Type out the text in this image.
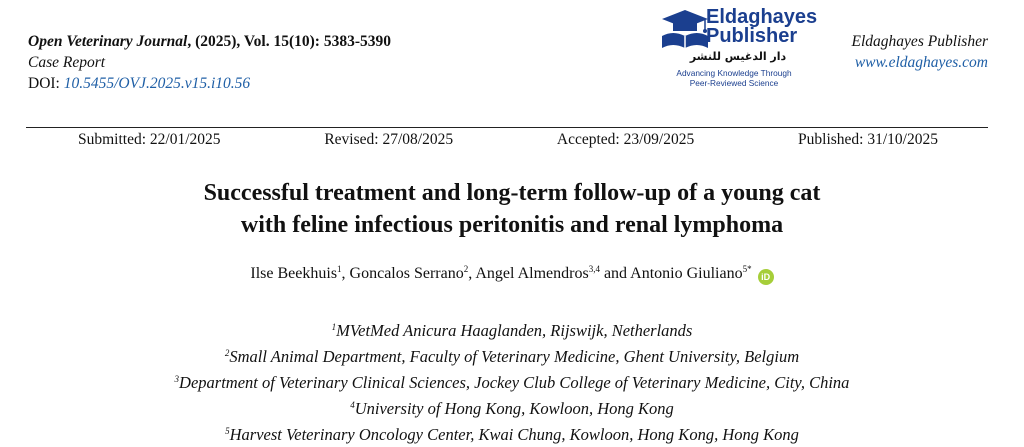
Open Veterinary Journal, (2025), Vol. 15(10): 5383-5390
Case Report
DOI: 10.5455/OVJ.2025.v15.i10.56
Eldaghayes
Publisher
دار الدغيس للنشر
Advancing Knowledge Through
Peer-Reviewed Science
Eldaghayes Publisher
www.eldaghayes.com
Submitted: 22/01/2025	Revised: 27/08/2025	Accepted: 23/09/2025	Published: 31/10/2025
Successful treatment and long-term follow-up of a young cat
with feline infectious peritonitis and renal lymphoma
Ilse Beekhuis$^1$, Goncalos Serrano$^2$, Angel Almendros$^{3,4}$ and Antonio Giuliano$^{5*}$iD
$^1$MVetMed Anicura Haaglanden, Rijswijk, Netherlands
$^2$Small Animal Department, Faculty of Veterinary Medicine, Ghent University, Belgium
$^3$Department of Veterinary Clinical Sciences, Jockey Club College of Veterinary Medicine, City, China
$^4$University of Hong Kong, Kowloon, Hong Kong
$^5$Harvest Veterinary Oncology Center, Kwai Chung, Kowloon, Hong Kong, Hong Kong
